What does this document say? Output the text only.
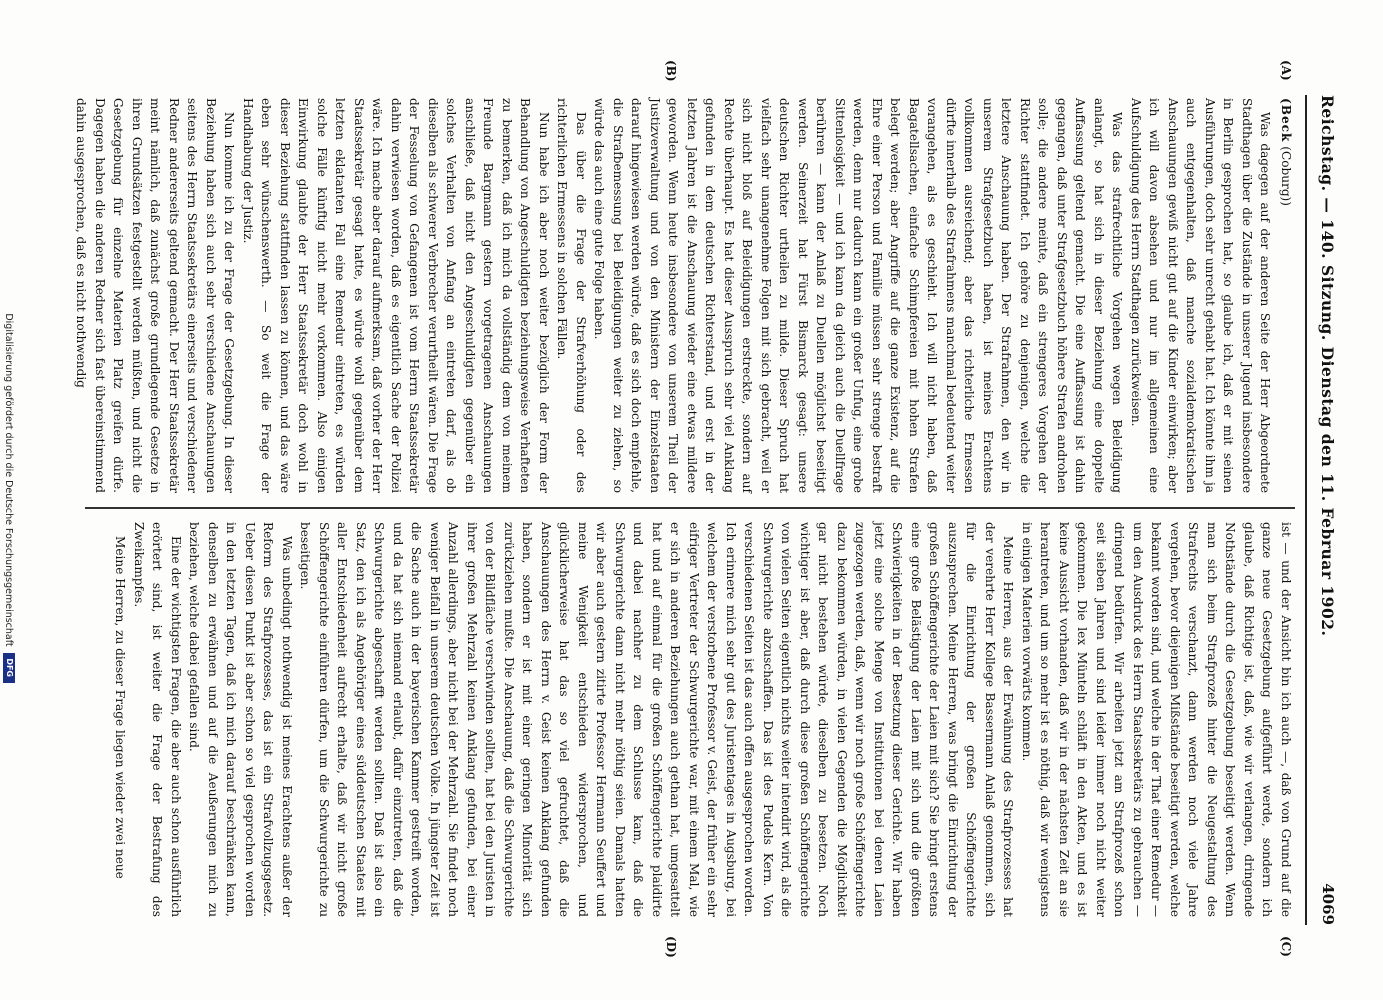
Reichstag. — 140. Sitzung. Dienstag den 11. Februar 1902.
4069
(A)
(B)
(C)
(D)
(Beck (Coburg))

Was dagegen auf der anderen Seite der Herr Abgeordnete Stadthagen über die Zustände in unserer Jugend insbesondere in Berlin gesprochen hat, so glaube ich, daß er mit seinen Ausführungen, doch sehr unrecht gehabt hat. Ich könnte ihm ja auch entgegenhalten, daß manche sozialdemokratischen Anschauungen gewiß nicht gut auf die Kinder einwirken; aber ich will davon absehen und nur im allgemeinen eine Aufschuldigung des Herrn Stadthagen zurückweisen.

Was das strafrechtliche Vorgehen wegen Beleidigung anlangt, so hat sich in dieser Beziehung eine doppelte Auffassung geltend gemacht. Die eine Auffassung ist dahin gegangen, daß unter Strafgesetzbuch höhere Strafen androhen solle; die andere meinte, daß ein strengeres Vorgehen der Richter stattfindet. Ich gehöre zu denjenigen, welche die letztere Anschauung haben. Der Strafrahmen, den wir in unserem Strafgesetzbuch haben, ist meines Erachtens vollkommen ausreichend; aber das richterliche Ermessen dürfte innerhalb des Strafrahmens manchmal bedeutend weiter vorangehen, als es geschieht. Ich will nicht haben, daß Bagatellsachen, einfache Schimpfereien mit hohen Strafen belegt werden; aber Angriffe auf die ganze Existenz, auf die Ehre einer Person und Familie müssen sehr strenge bestraft werden, denn nur dadurch kann ein großer Unfug, eine grobe Sittenlosigkeit — und ich kann da gleich auch die Duellfrage berühren — kann der Anlaß zu Duellen möglichst beseitigt werden. Seinerzeit hat Fürst Bismarck gesagt: unsere deutschen Richter urtheilen zu milde. Dieser Spruch hat vielfach sehr unangenehme Folgen mit sich gebracht, weil er sich nicht bloß auf Beleidigungen erstreckte, sondern auf Rechte überhaupt. Es hat dieser Ausspruch sehr viel Anklang gefunden in dem deutschen Richterstand, und erst in der letzten Jahren ist die Anschauung wieder eine etwas mildere geworden. Wenn heute insbesondere von unserem Theil der Justizverwaltung und von den Ministern der Einzelstaaten darauf hingewiesen werden würde, daß es sich doch empfehle, die Strafbemessung bei Beleidigungen weiter zu ziehen, so würde das auch eine gute Folge haben.

Das über die Frage der Strafverhöhung oder des richterlichen Ermessens in solchen Fällen.

Nun habe ich aber noch weiter bezüglich der Form der Behandlung von Angeschuldigten beziehungsweise Verhafteten zu bemerken, daß ich mich da vollständig dem von meinem Freunde Bargmann gestern vorgetragenen Anschauungen anschließe, daß nicht den Angeschuldigten gegenüber ein solches Verhalten von Anfang an eintreten darf, als ob dieselben als schwerer Verbrecher verurtheilt wären. Die Frage der Fesselung von Gefangenen ist vom Herrn Staatssekretär dahin verwiesen worden, daß es eigentlich Sache der Polizei wäre. Ich mache aber darauf aufmerksam, daß vorher der Herr Staatssekretär gesagt hatte, es würde wohl gegenüber dem letzten eklatanten Fall eine Remedur eintreten, es würden solche Fälle künftig nicht mehr vorkommen. Also einigen Einwirkung glaubte der Herr Staatssekretär doch wohl in dieser Beziehung stattfinden lassen zu können, und das wäre eben sehr wünschenswerth. — So weit die Frage der Handhabung der Justiz.

Nun komme ich zu der Frage der Gesetzgebung. In dieser Beziehung haben sich auch sehr verschiedene Anschauungen seitens des Herrn Staatssekretärs einerseits und verschiedener Redner andererseits geltend gemacht. Der Herr Staatssekretär meint nämlich, daß zunächst große grundlegende Gesetze in ihren Grundsätzen festgestellt werden müßten, und nicht die Gesetzgebung für einzelne Materien Platz greifen dürfe. Dagegen haben die anderen Redner sich fast übereinstimmend dahin ausgesprochen, daß es nicht nothwendig

ist — und der Ansicht bin ich auch —, daß von Grund auf die ganze neue Gesetzgebung aufgeführt werde, sondern ich glaube, daß Richtige ist, daß, wie wir verlangen, dringende Nothstände durch die Gesetzgebung beseitigt werden. Wenn man sich beim Strafprozeß hinter die Neugestaltung des Strafrechts verschanzt, dann werden noch viele Jahre vergehen, bevor diejenigen Mißstände beseitigt werden, welche bekannt worden sind, und welche in der That einer Remedur — um den Ausdruck des Herrn Staatssekretärs zu gebrauchen — dringend bedürfen. Wir arbeiten jetzt am Strafprozeß schon seit sieben Jahren und sind leider immer noch nicht weiter gekommen. Die lex Münteln schläft in den Akten, und es ist keine Aussicht vorhanden, daß wir in der nächsten Zeit an sie herantreten, und um so mehr ist es nöthig, daß wir wenigstens in einigen Materien vorwärts kommen.

Meine Herren, aus der Erwähnung des Strafprozesses hat der verehrte Herr Kollege Bassermann Anlaß genommen, sich für die Einrichtung der großen Schöffengerichte auszusprechen. Meine Herren, was bringt die Einrichtung der großen Schöffengerichte der Laien mit sich? Sie bringt erstens eine große Belästigung der Laien mit sich und die größten Schwierigkeiten in der Besetzung dieser Gerichte. Wir haben jetzt eine solche Menge von Institutionen bei denen Laien zugezogen werden, daß, wenn wir noch große Schöffengerichte dazu bekommen würden, in vielen Gegenden die Möglichkeit gar nicht bestehen würde, dieselben zu besetzen. Noch wichtiger ist aber, daß durch diese großen Schöffengerichte von vielen Seiten eigentlich nichts weiter intendirt wird, als die Schwurgerichte abzuschaffen. Das ist des Pudels Kern. Von verschiedenen Seiten ist das auch offen ausgesprochen worden. Ich erinnere mich sehr gut des Juristentages in Augsburg, bei welchem der verstorbene Professor v. Geist, der früher ein sehr eifriger Vertreter der Schwurgerichte war, mit einem Mal, wie er sich in anderen Beziehungen auch gethan hat, umgesattelt hat und auf einmal für die großen Schöffengerichte plaidirte und dabei nachher zu dem Schlusse kam, daß die Schwurgerichte dann nicht mehr nöthig seien. Damals hatten wir aber auch gestern zitirte Professor Hermann Seuffert und meine Wenigkeit entschieden widersprochen, und glücklicherweise hat das so viel gefruchtet, daß die Anschauungen des Herrn v. Geist keinen Anklang gefunden haben, sondern er ist mit einer geringen Minorität sich zurückziehen mußte. Die Anschauung, daß die Schwurgerichte von der Bildfläche verschwinden sollten, hat bei den Juristen in ihrer großen Mehrzahl keinen Anklang gefunden, bei einer Anzahl allerdings, aber nicht bei der Mehrzahl. Sie findet noch weniger Beifall in unserem deutschen Volke. In jüngster Zeit ist die Sache auch in der bayerischen Kammer gestreift worden, und da hat sich niemand erlaubt, dafür einzutreten, daß die Schwurgerichte abgeschafft werden sollten. Daß ist also ein Satz, den ich als Angehöriger eines süddeutschen Staates mit aller Entschiedenheit aufrecht erhalte, daß wir nicht große Schöffengerichte einführen dürfen, um die Schwurgerichte zu beseitigen.

Was unbedingt nothwendig ist meines Erachtens außer der Reform des Strafprozesses, das ist ein Strafvollzugsgesetz. Ueber diesen Punkt ist aber schon so viel gesprochen worden in den letzten Tagen, daß ich mich darauf beschränken kann, denselben zu erwähnen und auf die Aeußerungen mich zu beziehen, welche dabei gefallen sind.

Eine der wichtigsten Fragen, die aber auch schon ausführlich erörtert sind, ist weiter die Frage der Bestrafung des Zweikampfes.

Meine Herren, zu dieser Frage liegen wieder zwei neue

Digitalisierung gefördert durch die Deutsche Forschungsgemeinschaft
DFG
